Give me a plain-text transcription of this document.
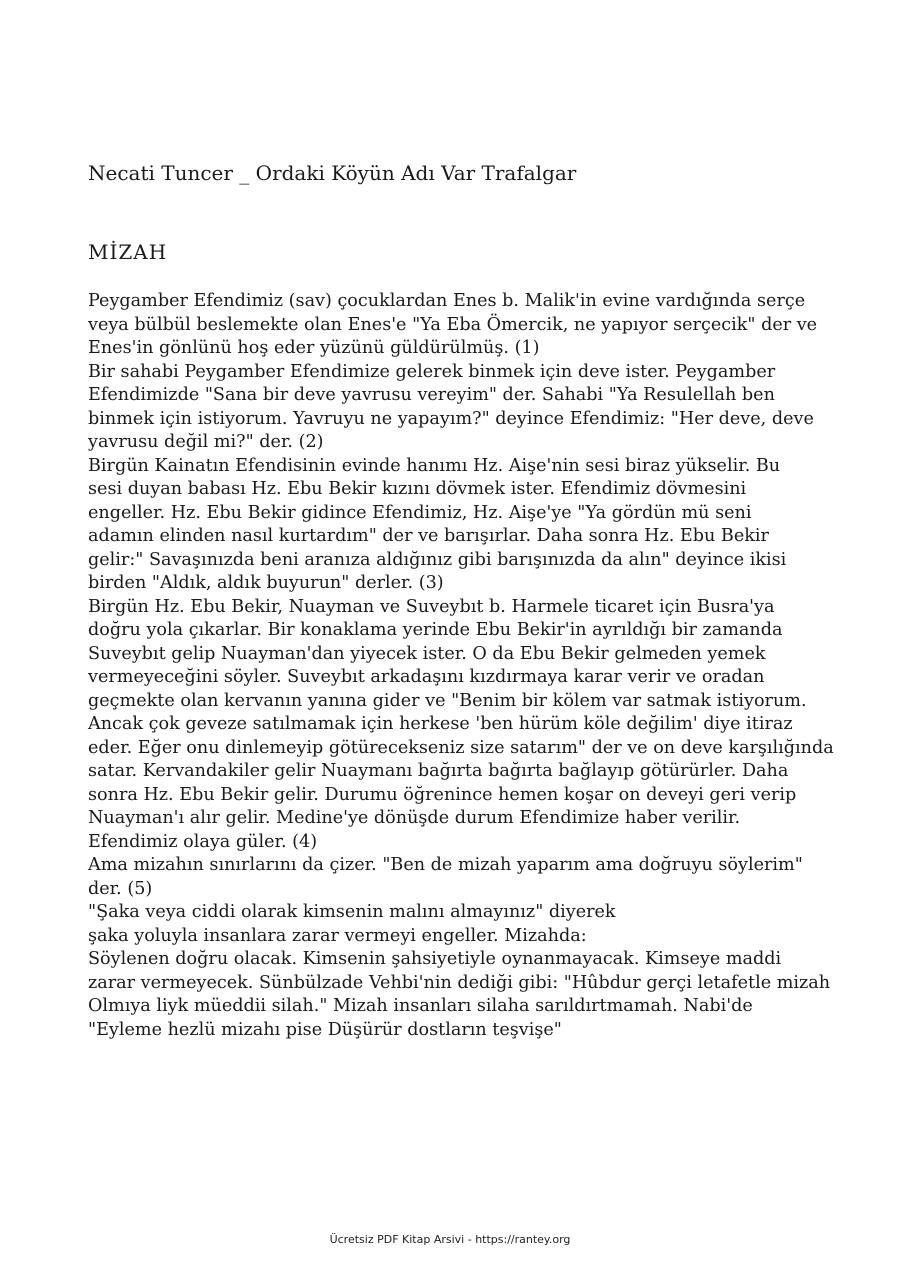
Necati Tuncer _ Ordaki Köyün Adı Var Trafalgar
MİZAH
Peygamber Efendimiz (sav) çocuklardan Enes b. Malik'in evine vardığında serçe
veya bülbül beslemekte olan Enes'e "Ya Eba Ömercik, ne yapıyor serçecik" der ve
Enes'in gönlünü hoş eder yüzünü güldürülmüş. (1)
Bir sahabi Peygamber Efendimize gelerek binmek için deve ister. Peygamber
Efendimizde "Sana bir deve yavrusu vereyim" der. Sahabi "Ya Resulellah ben
binmek için istiyorum. Yavruyu ne yapayım?" deyince Efendimiz: "Her deve, deve
yavrusu değil mi?" der. (2)
Birgün Kainatın Efendisinin evinde hanımı Hz. Aişe'nin sesi biraz yükselir. Bu
sesi duyan babası Hz. Ebu Bekir kızını dövmek ister. Efendimiz dövmesini
engeller. Hz. Ebu Bekir gidince Efendimiz, Hz. Aişe'ye "Ya gördün mü seni
adamın elinden nasıl kurtardım" der ve barışırlar. Daha sonra Hz. Ebu Bekir
gelir:" Savaşınızda beni aranıza aldığınız gibi barışınızda da alın" deyince ikisi
birden "Aldık, aldık buyurun" derler. (3)
Birgün Hz. Ebu Bekir, Nuayman ve Suveybıt b. Harmele ticaret için Busra'ya
doğru yola çıkarlar. Bir konaklama yerinde Ebu Bekir'in ayrıldığı bir zamanda
Suveybıt gelip Nuayman'dan yiyecek ister. O da Ebu Bekir gelmeden yemek
vermeyeceğini söyler. Suveybıt arkadaşını kızdırmaya karar verir ve oradan
geçmekte olan kervanın yanına gider ve "Benim bir kölem var satmak istiyorum.
Ancak çok geveze satılmamak için herkese 'ben hürüm köle değilim' diye itiraz
eder. Eğer onu dinlemeyip götürecekseniz size satarım" der ve on deve karşılığında
satar. Kervandakiler gelir Nuaymanı bağırta bağırta bağlayıp götürürler. Daha
sonra Hz. Ebu Bekir gelir. Durumu öğrenince hemen koşar on deveyi geri verip
Nuayman'ı alır gelir. Medine'ye dönüşde durum Efendimize haber verilir.
Efendimiz olaya güler. (4)
Ama mizahın sınırlarını da çizer. "Ben de mizah yaparım ama doğruyu söylerim"
der. (5)
"Şaka veya ciddi olarak kimsenin malını almayınız" diyerek
şaka yoluyla insanlara zarar vermeyi engeller. Mizahda:
Söylenen doğru olacak. Kimsenin şahsiyetiyle oynanmayacak. Kimseye maddi
zarar vermeyecek. Sünbülzade Vehbi'nin dediği gibi: "Hûbdur gerçi letafetle mizah
Olmıya liyk müeddii silah." Mizah insanları silaha sarıldırtmamah. Nabi'de
"Eyleme hezlü mizahı pise Düşürür dostların teşvişe"
Ücretsiz PDF Kitap Arsivi - https://rantey.org
